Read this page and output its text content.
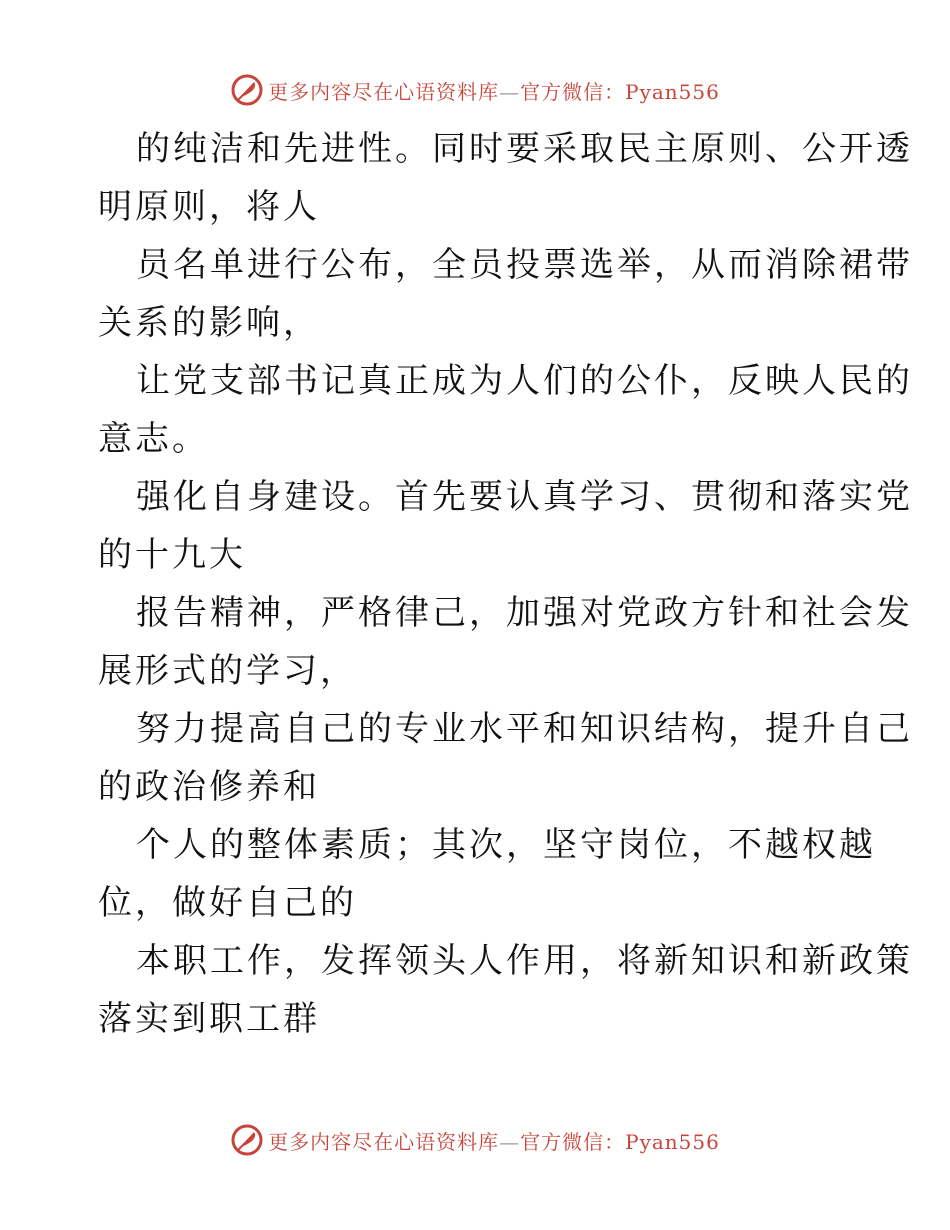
更多内容尽在心语资料库—官方微信：Pyan556
的纯洁和先进性。同时要采取民主原则、公开透
明原则，将人
员名单进行公布，全员投票选举，从而消除裙带
关系的影响，
让党支部书记真正成为人们的公仆，反映人民的
意志。
强化自身建设。首先要认真学习、贯彻和落实党
的十九大
报告精神，严格律己，加强对党政方针和社会发
展形式的学习，
努力提高自己的专业水平和知识结构，提升自己
的政治修养和
个人的整体素质；其次，坚守岗位，不越权越
位，做好自己的
本职工作，发挥领头人作用，将新知识和新政策
落实到职工群
更多内容尽在心语资料库—官方微信：Pyan556
